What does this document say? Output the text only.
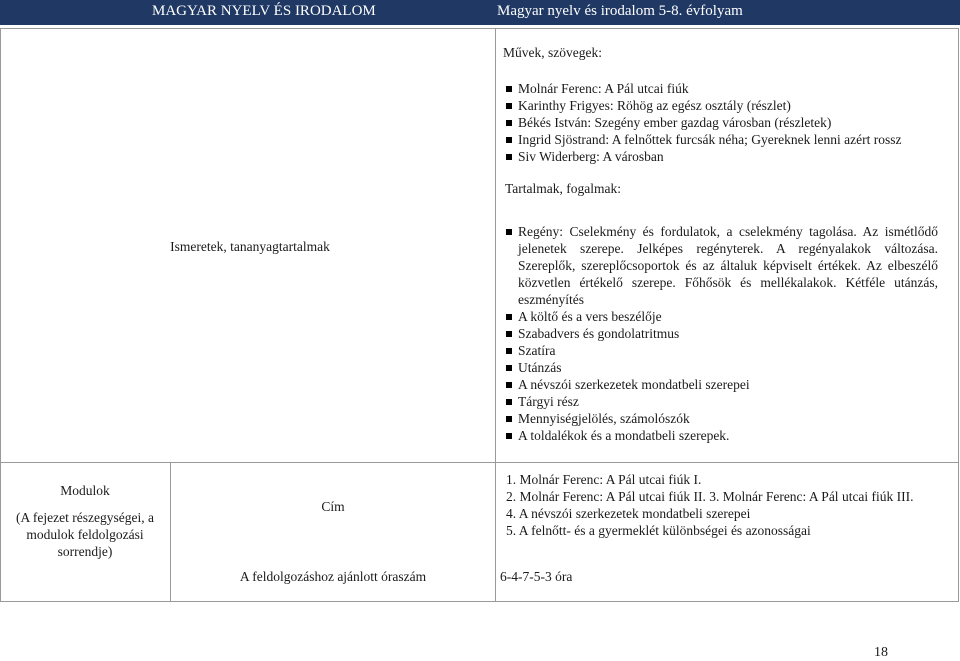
MAGYAR NYELV ÉS IRODALOM	Magyar nyelv és irodalom 5-8. évfolyam
Ismeretek, tananyagtartalmak
Művek, szövegek:
Molnár Ferenc: A Pál utcai fiúk
Karinthy Frigyes: Röhög az egész osztály (részlet)
Békés István: Szegény ember gazdag városban (részletek)
Ingrid Sjöstrand: A felnőttek furcsák néha; Gyereknek lenni azért rossz
Siv Widerberg: A városban
Tartalmak, fogalmak:
Regény: Cselekmény és fordulatok, a cselekmény tagolása. Az ismétlődő jelenetek szerepe. Jelképes regényterek. A regényalakok változása. Szereplők, szereplőcsoportok és az általuk képviselt értékek. Az elbeszélő közvetlen értékelő szerepe. Főhősök és mellékalakok. Kétféle utánzás, eszményítés
A költő és a vers beszélője
Szabadvers és gondolatritmus
Szatíra
Utánzás
A névszói szerkezetek mondatbeli szerepei
Tárgyi rész
Mennyiségjelölés, számolószók
A toldalékok és a mondatbeli szerepek.
Modulok
(A fejezet részegységei, a modulok feldolgozási sorrendje)
Cím
A feldolgozáshoz ajánlott óraszám
1. Molnár Ferenc: A Pál utcai fiúk I.
2. Molnár Ferenc: A Pál utcai fiúk II. 3. Molnár Ferenc: A Pál utcai fiúk III.
4. A névszói szerkezetek mondatbeli szerepei
5. A felnőtt- és a gyermeklét különbségei és azonosságai
6-4-7-5-3 óra
18
